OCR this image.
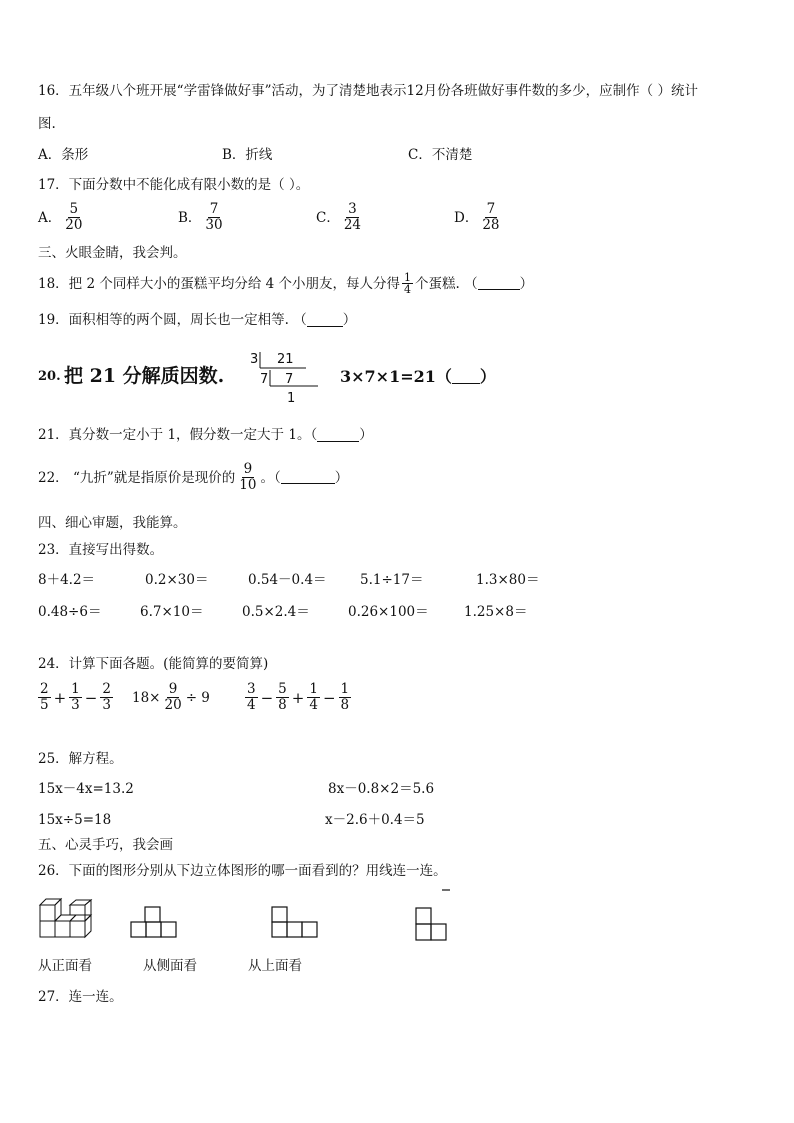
16．五年级八个班开展“学雷锋做好事”活动，为了清楚地表示12月份各班做好事件数的多少，应制作（ ）统计
图.
A．条形	B．折线	C．不清楚
17．下面分数中不能化成有限小数的是（ ）。
A． $\frac{5}{20}$	B． $\frac{7}{30}$	C． $\frac{3}{24}$	D． $\frac{7}{28}$
三、火眼金睛，我会判。
18．把 2 个同样大小的蛋糕平均分给 4 个小朋友，每人分得 $\frac{1}{4}$ 个蛋糕. （	）
19．面积相等的两个圆，周长也一定相等. （	）
20. 把 21 分解质因数.
3 21
7 7
1
3×7×1=21（ ）
21．真分数一定小于 1，假分数一定大于 1。（	）
22． “九折”就是指原价是现价的 $\frac{9}{10}$ 。（	）
四、细心审题，我能算。
23．直接写出得数。
8＋4.2＝	0.2×30＝	0.54－0.4＝ 5.1÷17＝	1.3×80＝
0.48÷6＝	6.7×10＝	0.5×2.4＝	0.26×100＝	1.25×8＝
24．计算下面各题。(能简算的要简算)
$\frac{2}{5} + \frac{1}{3} - \frac{2}{3} 18\times \frac{9}{20} \div 9$	$\frac{3}{4} - \frac{5}{8} + \frac{1}{4} - \frac{1}{8}$
25．解方程。
15x－4x=13.2	8x－0.8×2＝5.6
15x÷5=18	x－2.6＋0.4＝5
五、心灵手巧，我会画
26．下面的图形分别从下边立体图形的哪一面看到的？用线连一连。
从正面看	从侧面看	从上面看
27．连一连。
